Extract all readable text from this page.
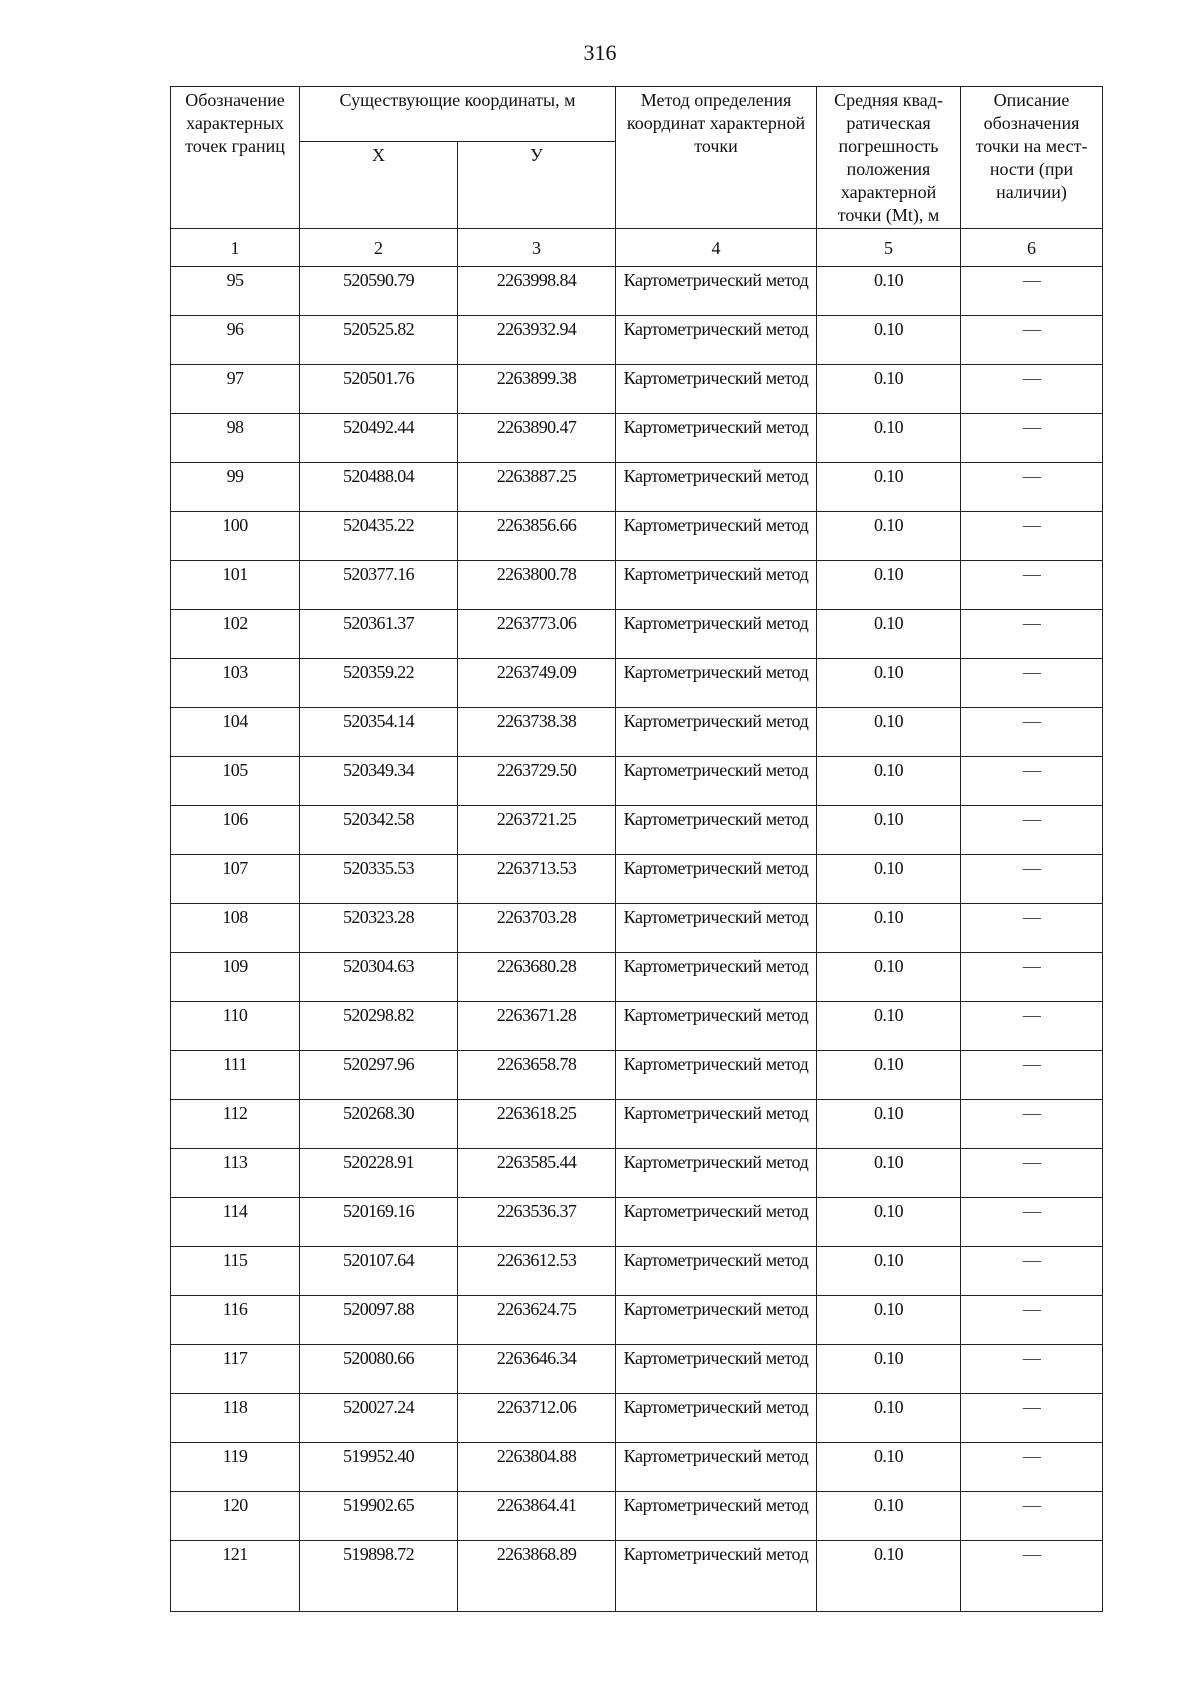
316
Обозначение характерных точек границ	Существующие координаты, м		Метод определения координат характерной точки	Средняя квадратическая погрешность положения характерной точки (Mt), м	Описание обозначения точки на местности (при наличии)
	Х	У			
1	2	3	4	5	6
95	520590.79	2263998.84	Картометрический метод	0.10	—
96	520525.82	2263932.94	Картометрический метод	0.10	—
97	520501.76	2263899.38	Картометрический метод	0.10	—
98	520492.44	2263890.47	Картометрический метод	0.10	—
99	520488.04	2263887.25	Картометрический метод	0.10	—
100	520435.22	2263856.66	Картометрический метод	0.10	—
101	520377.16	2263800.78	Картометрический метод	0.10	—
102	520361.37	2263773.06	Картометрический метод	0.10	—
103	520359.22	2263749.09	Картометрический метод	0.10	—
104	520354.14	2263738.38	Картометрический метод	0.10	—
105	520349.34	2263729.50	Картометрический метод	0.10	—
106	520342.58	2263721.25	Картометрический метод	0.10	—
107	520335.53	2263713.53	Картометрический метод	0.10	—
108	520323.28	2263703.28	Картометрический метод	0.10	—
109	520304.63	2263680.28	Картометрический метод	0.10	—
110	520298.82	2263671.28	Картометрический метод	0.10	—
111	520297.96	2263658.78	Картометрический метод	0.10	—
112	520268.30	2263618.25	Картометрический метод	0.10	—
113	520228.91	2263585.44	Картометрический метод	0.10	—
114	520169.16	2263536.37	Картометрический метод	0.10	—
115	520107.64	2263612.53	Картометрический метод	0.10	—
116	520097.88	2263624.75	Картометрический метод	0.10	—
117	520080.66	2263646.34	Картометрический метод	0.10	—
118	520027.24	2263712.06	Картометрический метод	0.10	—
119	519952.40	2263804.88	Картометрический метод	0.10	—
120	519902.65	2263864.41	Картометрический метод	0.10	—
121	519898.72	2263868.89	Картометрический метод	0.10	—
